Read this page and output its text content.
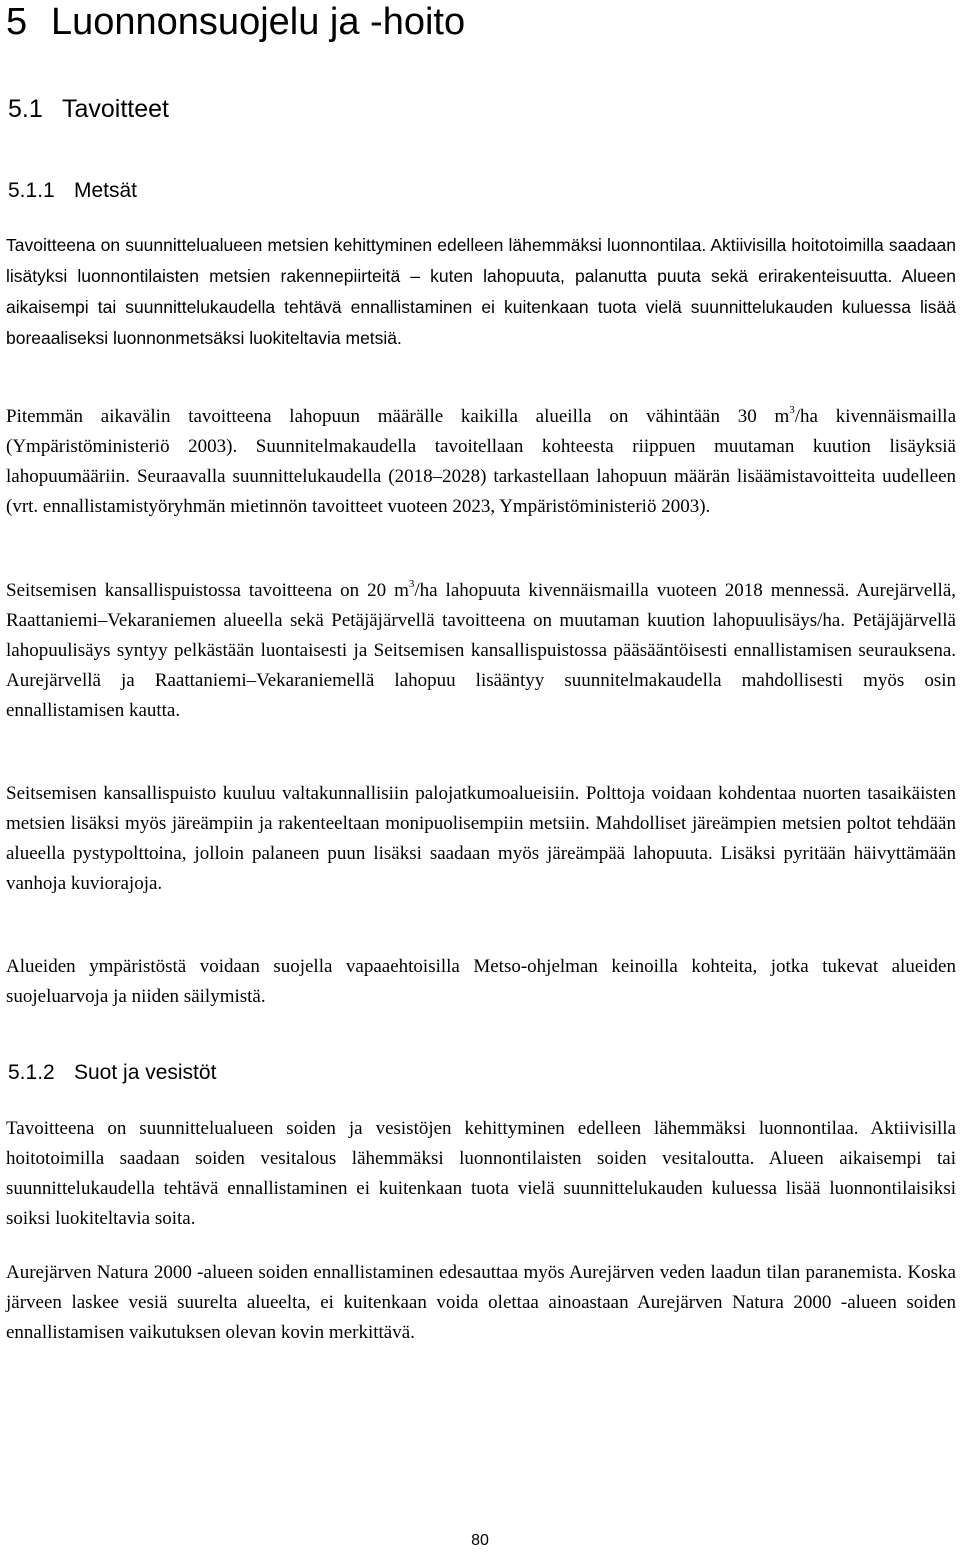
5 Luonnonsuojelu ja -hoito
5.1 Tavoitteet
5.1.1 Metsät

Tavoitteena on suunnittelualueen metsien kehittyminen edelleen lähemmäksi luonnontilaa. Aktiivisilla hoitotoimilla saadaan lisätyksi luonnontilaisten metsien rakennepiirteitä – kuten lahopuuta, palanutta puuta sekä erirakenteisuutta. Alueen aikaisempi tai suunnittelukaudella tehtävä ennallistaminen ei kuitenkaan tuota vielä suunnittelukauden kuluessa lisää boreaaliseksi luonnonmetsäksi luokiteltavia metsiä.

Pitemmän aikavälin tavoitteena lahopuun määrälle kaikilla alueilla on vähintään 30 $m^3/ha$ kivennäismailla (Ympäristöministeriö 2003). Suunnitelmakaudella tavoitellaan kohteesta riippuen muutaman kuution lisäyksiä lahopuumääriin. Seuraavalla suunnittelukaudella (2018–2028) tarkastellaan lahopuun määrän lisäämistavoitteita uudelleen (vrt. ennallistamistyöryhmän mietinnön tavoitteet vuoteen 2023, Ympäristöministeriö 2003).

Seitsemisen kansallispuistossa tavoitteena on 20 $m^3/ha$ lahopuuta kivennäismailla vuoteen 2018 mennessä. Aurejärvellä, Raattaniemi–Vekaraniemen alueella sekä Petäjäjärvellä tavoitteena on muutaman kuution lahopuulisäys/ha. Petäjäjärvellä lahopuulisäys syntyy pelkästään luontaisesti ja Seitsemisen kansallispuistossa pääsääntöisesti ennallistamisen seurauksena. Aurejärvellä ja Raattaniemi–Vekaraniemellä lahopuu lisääntyy suunnitelmakaudella mahdollisesti myös osin ennallistamisen kautta.

Seitsemisen kansallispuisto kuuluu valtakunnallisiin palojatkumoalueisiin. Polttoja voidaan kohdentaa nuorten tasaikäisten metsien lisäksi myös järeämpiin ja rakenteeltaan monipuolisempiin metsiin. Mahdolliset järeämpien metsien poltot tehdään alueella pystypolttoina, jolloin palaneen puun lisäksi saadaan myös järeämpää lahopuuta. Lisäksi pyritään häivyttämään vanhoja kuviorajoja.

Alueiden ympäristöstä voidaan suojella vapaaehtoisilla Metso-ohjelman keinoilla kohteita, jotka tukevat alueiden suojeluarvoja ja niiden säilymistä.

5.1.2 Suot ja vesistöt

Tavoitteena on suunnittelualueen soiden ja vesistöjen kehittyminen edelleen lähemmäksi luonnontilaa. Aktiivisilla hoitotoimilla saadaan soiden vesitalous lähemmäksi luonnontilaisten soiden vesitaloutta. Alueen aikaisempi tai suunnittelukaudella tehtävä ennallistaminen ei kuitenkaan tuota vielä suunnittelukauden kuluessa lisää luonnontilaisiksi soiksi luokiteltavia soita.

Aurejärven Natura 2000 -alueen soiden ennallistaminen edesauttaa myös Aurejärven veden laadun tilan paranemista. Koska järveen laskee vesiä suurelta alueelta, ei kuitenkaan voida olettaa ainoastaan Aurejärven Natura 2000 -alueen soiden ennallistamisen vaikutuksen olevan kovin merkittävä.

80
